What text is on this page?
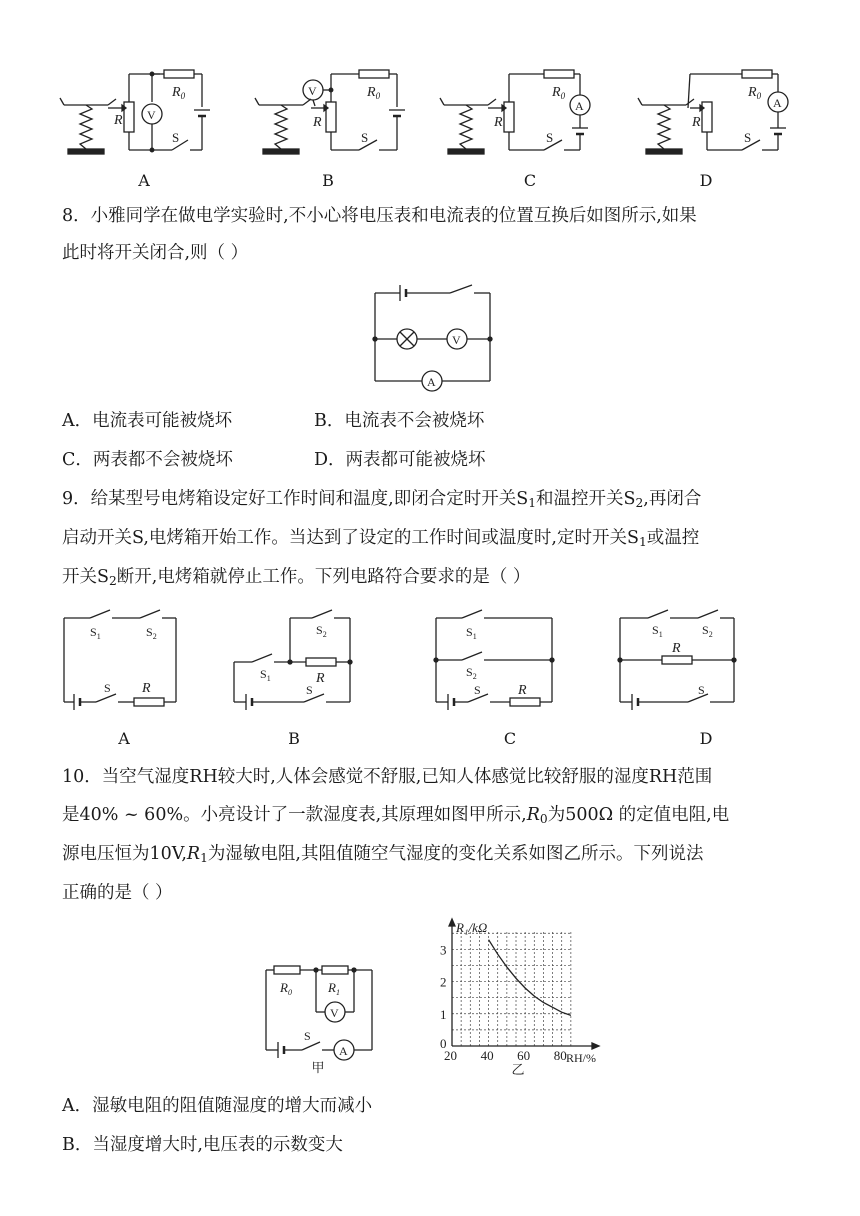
R V
$R_0$
S
V
R
$R_0$
S
R
$R_0$
A
S
R
$R_0$ A
S
A	B	C	D
8．小雅同学在做电学实验时,不小心将电压表和电流表的位置互换后如图所示,如果
此时将开关闭合,则（ ）
V
A
A．电流表可能被烧坏	B．电流表不会被烧坏
C．两表都不会被烧坏	D．两表都可能被烧坏
9．给某型号电烤箱设定好工作时间和温度,即闭合定时开关$S_1$和温控开关$S_2$,再闭合
启动开关S,电烤箱开始工作。当达到了设定的工作时间或温度时,定时开关$S_1$或温控
开关$S_2$断开,电烤箱就停止工作。下列电路符合要求的是（ ）
$S_1$	$S_2$
S R
$S_2$
$S_1$	R
S
$S_1$
$S_2$
S	R
$S_1$	$S_2$
R
S
A	B	C	D
10．当空气湿度RH较大时,人体会感觉不舒服,已知人体感觉比较舒服的湿度RH范围
是40% ~ 60%。小亮设计了一款湿度表,其原理如图甲所示$,R_0$为500Ω 的定值电阻,电
源电压恒为$10V,R_1$为湿敏电阻,其阻值随空气湿度的变化关系如图乙所示。下列说法
正确的是（ ）
$R_0$	$R_1$
V
S
A
甲
20 40 60 80
0
1
2
3
R₁/kΩ
RH/%
乙
A．湿敏电阻的阻值随湿度的增大而减小
B．当湿度增大时,电压表的示数变大
